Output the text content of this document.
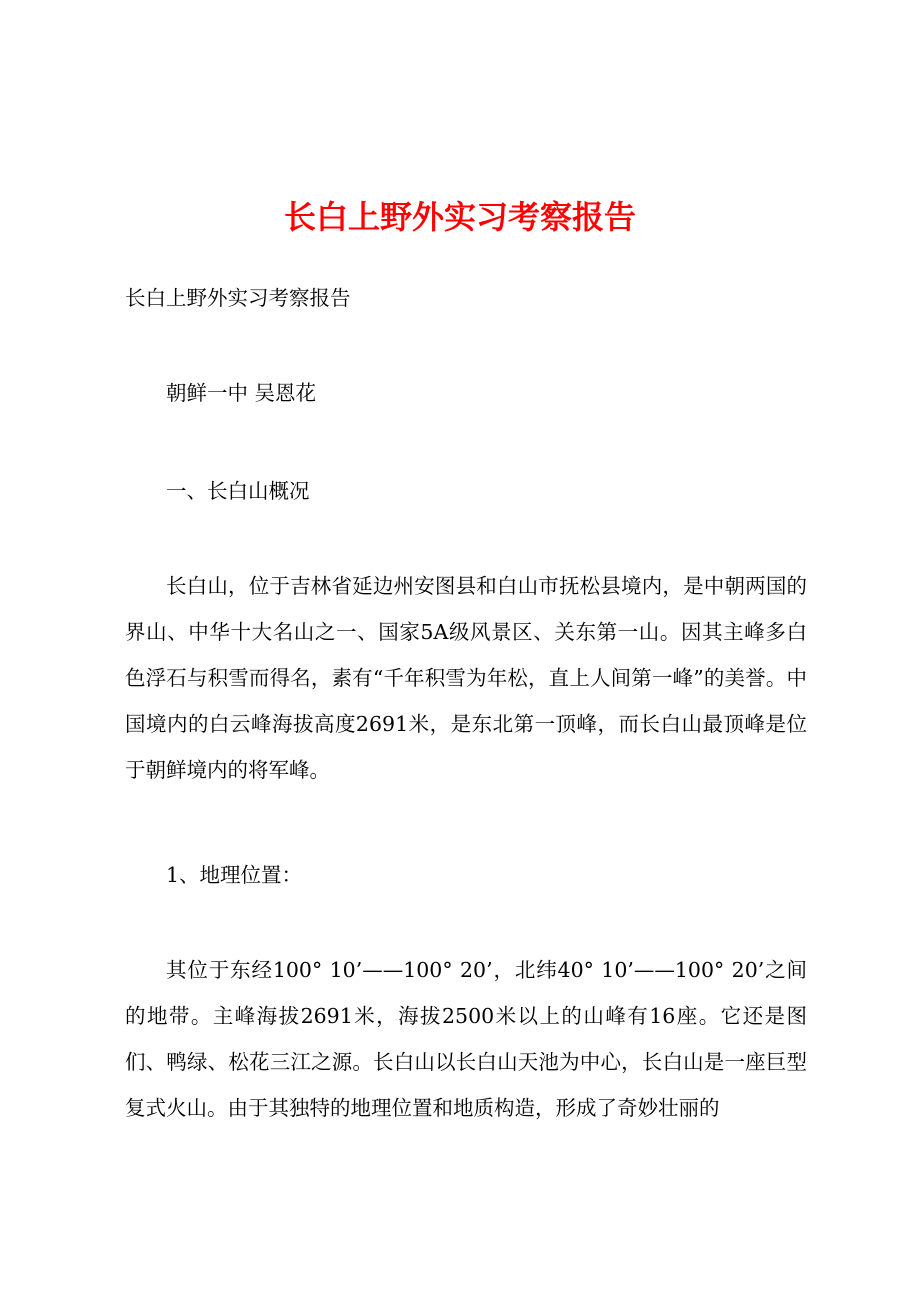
长白上野外实习考察报告
长白上野外实习考察报告
朝鲜一中 吴恩花
一、长白山概况
长白山，位于吉林省延边州安图县和白山市抚松县境内，是中朝两国的界山、中华十大名山之一、国家5A级风景区、关东第一山。因其主峰多白色浮石与积雪而得名，素有“千年积雪为年松，直上人间第一峰”的美誉。中国境内的白云峰海拔高度2691米，是东北第一顶峰，而长白山最顶峰是位于朝鲜境内的将军峰。
1、地理位置：
其位于东经100° 10’——100° 20’，北纬40° 10’——100° 20’之间的地带。主峰海拔2691米，海拔2500米以上的山峰有16座。它还是图们、鸭绿、松花三江之源。长白山以长白山天池为中心，长白山是一座巨型复式火山。由于其独特的地理位置和地质构造，形成了奇妙壮丽的
